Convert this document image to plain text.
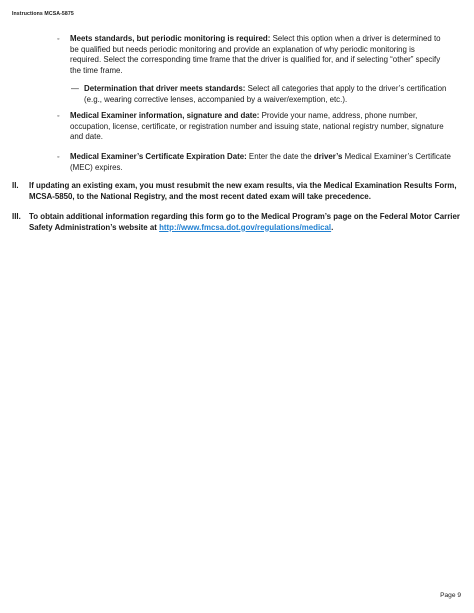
Instructions MCSA-5875
◦ Meets standards, but periodic monitoring is required: Select this option when a driver is determined to be qualified but needs periodic monitoring and provide an explanation of why periodic monitoring is required. Select the corresponding time frame that the driver is qualified for, and if selecting “other” specify the time frame.
— Determination that driver meets standards: Select all categories that apply to the driver’s certification (e.g., wearing corrective lenses, accompanied by a waiver/exemption, etc.).
◦ Medical Examiner information, signature and date: Provide your name, address, phone number, occupation, license, certificate, or registration number and issuing state, national registry number, signature and date.
◦ Medical Examiner’s Certificate Expiration Date: Enter the date the driver’s Medical Examiner’s Certificate (MEC) expires.
II. If updating an existing exam, you must resubmit the new exam results, via the Medical Examination Results Form, MCSA-5850, to the National Registry, and the most recent dated exam will take precedence.
III. To obtain additional information regarding this form go to the Medical Program’s page on the Federal Motor Carrier Safety Administration’s website at http://www.fmcsa.dot.gov/regulations/medical.
Page 9
